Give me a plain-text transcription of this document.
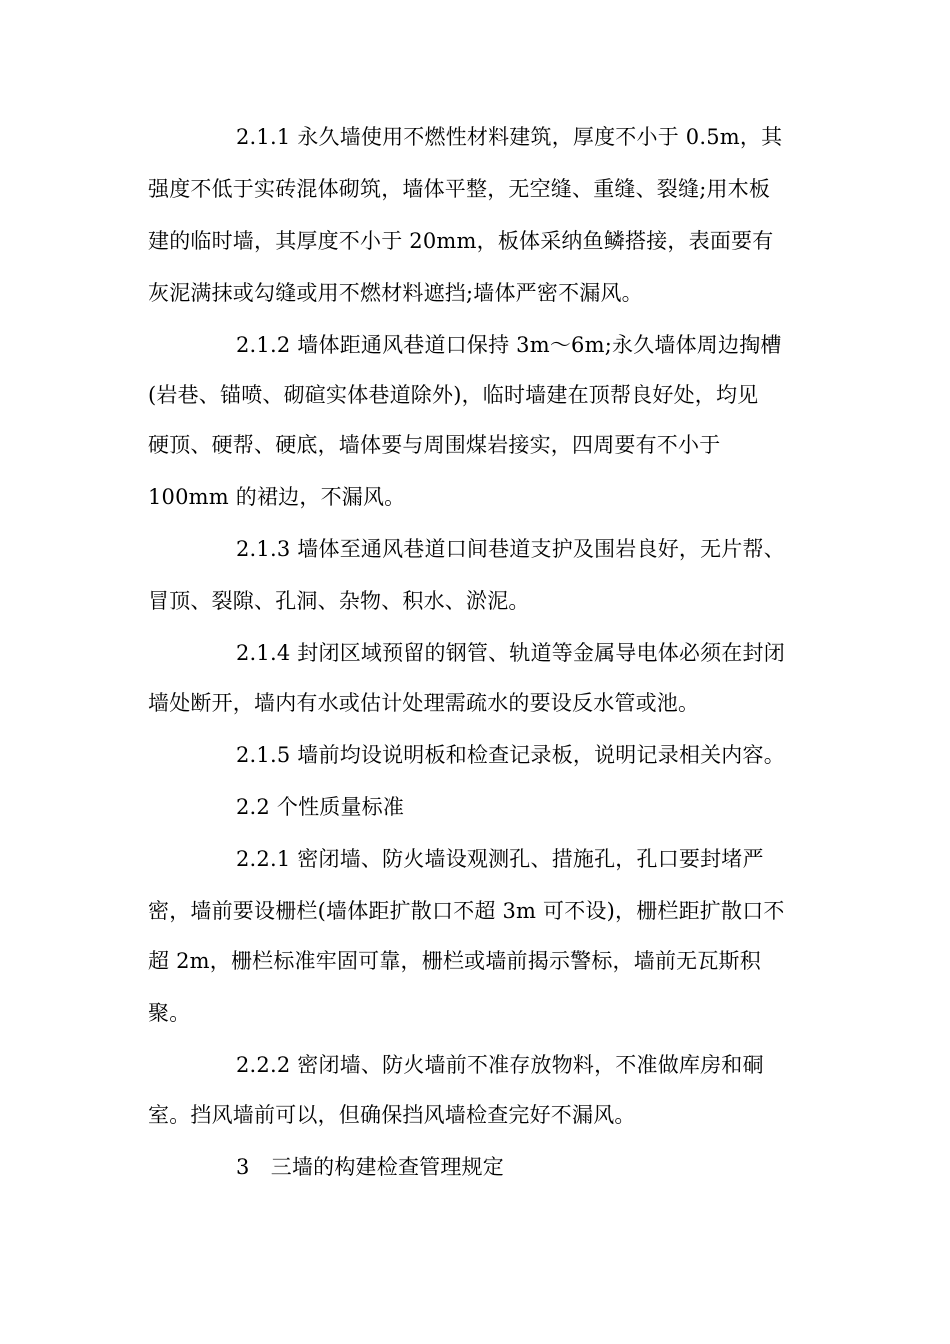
2.1.1 永久墙使用不燃性材料建筑，厚度不小于 0.5m，其
强度不低于实砖混体砌筑，墙体平整，无空缝、重缝、裂缝;用木板
建的临时墙，其厚度不小于 20mm，板体采纳鱼鳞搭接，表面要有
灰泥满抹或勾缝或用不燃材料遮挡;墙体严密不漏风。
2.1.2 墙体距通风巷道口保持 3m～6m;永久墙体周边掏槽
(岩巷、锚喷、砌碹实体巷道除外)，临时墙建在顶帮良好处，均见
硬顶、硬帮、硬底，墙体要与周围煤岩接实，四周要有不小于
100mm 的裙边，不漏风。
2.1.3 墙体至通风巷道口间巷道支护及围岩良好，无片帮、
冒顶、裂隙、孔洞、杂物、积水、淤泥。
2.1.4 封闭区域预留的钢管、轨道等金属导电体必须在封闭
墙处断开，墙内有水或估计处理需疏水的要设反水管或池。
2.1.5 墙前均设说明板和检查记录板，说明记录相关内容。
2.2 个性质量标准
2.2.1 密闭墙、防火墙设观测孔、措施孔，孔口要封堵严
密，墙前要设栅栏(墙体距扩散口不超 3m 可不设)，栅栏距扩散口不
超 2m，栅栏标准牢固可靠，栅栏或墙前揭示警标，墙前无瓦斯积
聚。
2.2.2 密闭墙、防火墙前不准存放物料，不准做库房和硐
室。挡风墙前可以，但确保挡风墙检查完好不漏风。
3　三墙的构建检查管理规定
